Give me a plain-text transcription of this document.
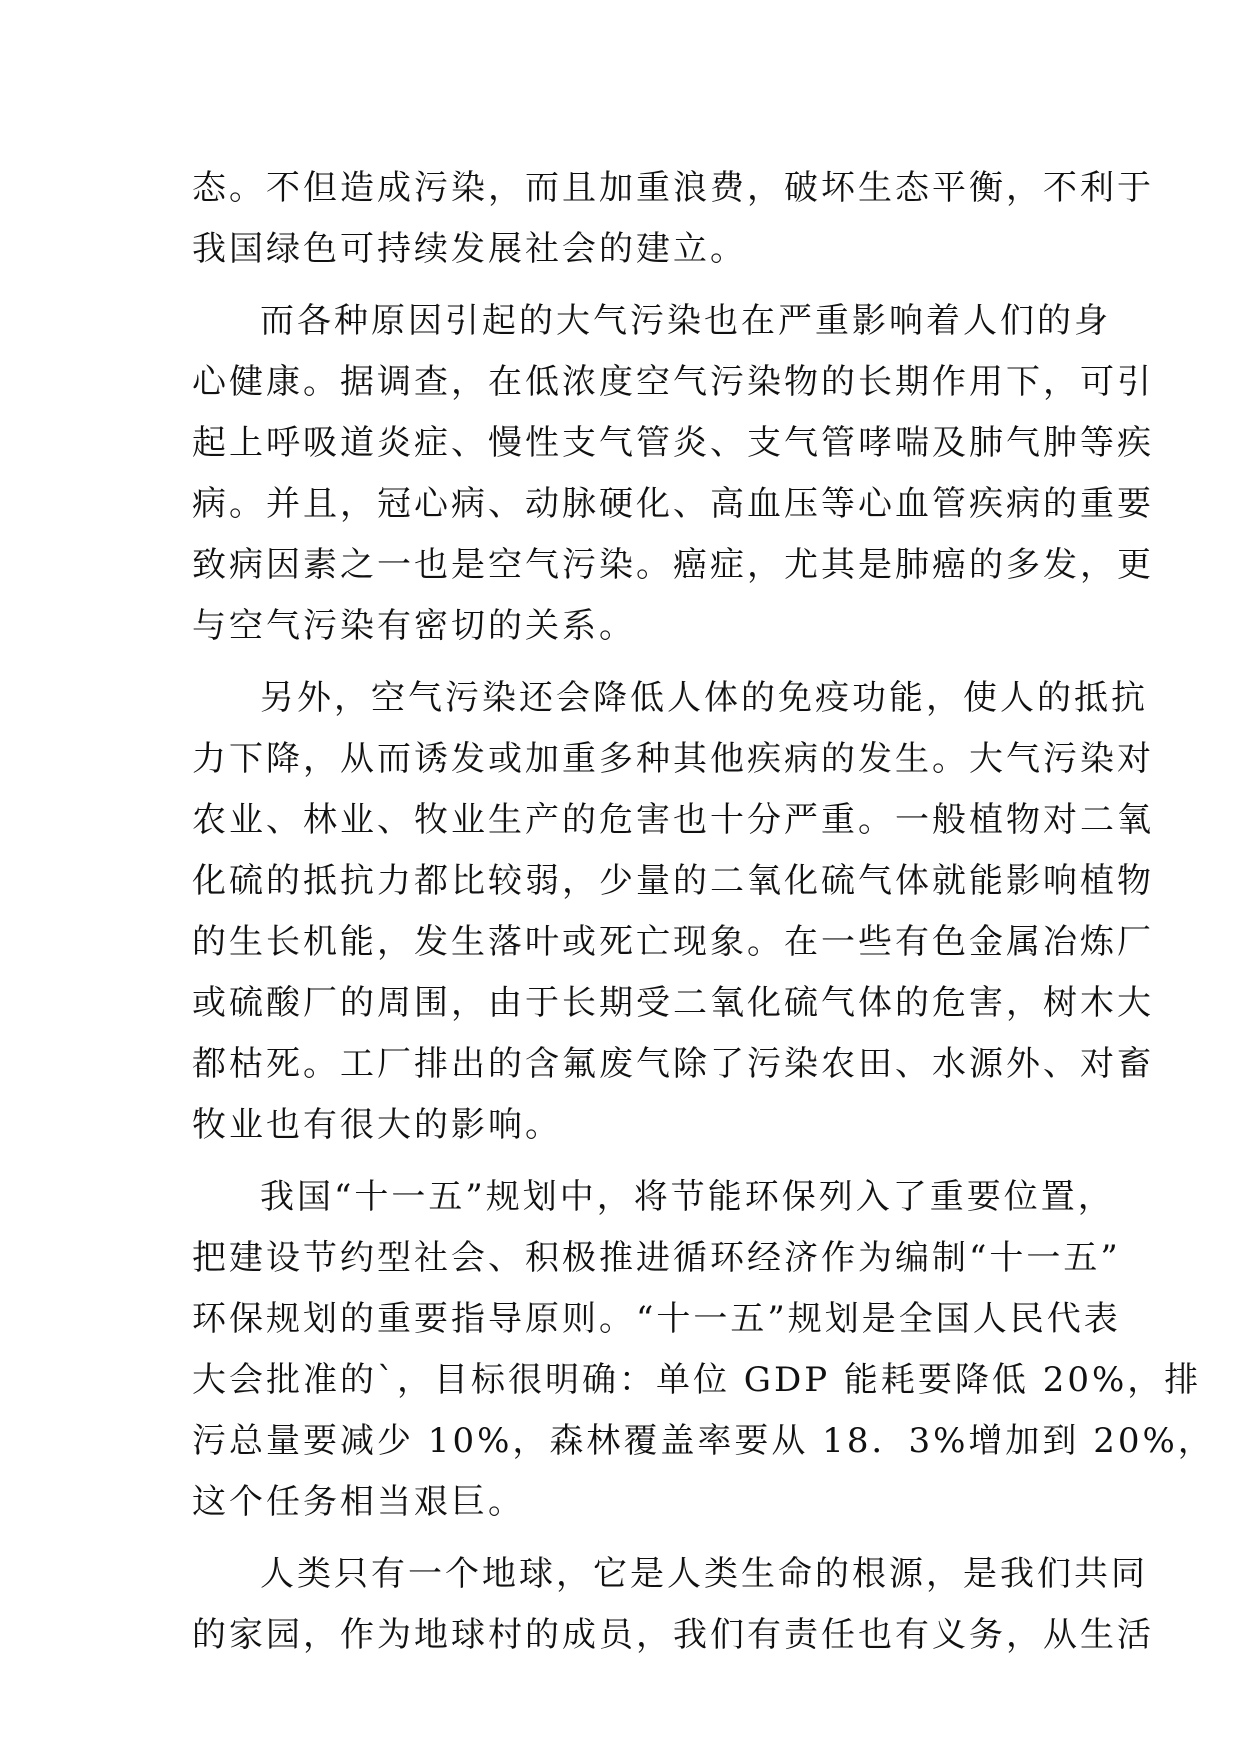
态。不但造成污染，而且加重浪费，破坏生态平衡，不利于
我国绿色可持续发展社会的建立。
而各种原因引起的大气污染也在严重影响着人们的身
心健康。据调查，在低浓度空气污染物的长期作用下，可引
起上呼吸道炎症、慢性支气管炎、支气管哮喘及肺气肿等疾
病。并且，冠心病、动脉硬化、高血压等心血管疾病的重要
致病因素之一也是空气污染。癌症，尤其是肺癌的多发，更
与空气污染有密切的关系。
另外，空气污染还会降低人体的免疫功能，使人的抵抗
力下降，从而诱发或加重多种其他疾病的发生。大气污染对
农业、林业、牧业生产的危害也十分严重。一般植物对二氧
化硫的抵抗力都比较弱，少量的二氧化硫气体就能影响植物
的生长机能，发生落叶或死亡现象。在一些有色金属冶炼厂
或硫酸厂的周围，由于长期受二氧化硫气体的危害，树木大
都枯死。工厂排出的含氟废气除了污染农田、水源外、对畜
牧业也有很大的影响。
我国“十一五”规划中，将节能环保列入了重要位置，
把建设节约型社会、积极推进循环经济作为编制“十一五”
环保规划的重要指导原则。“十一五”规划是全国人民代表
大会批准的`，目标很明确：单位 GDP 能耗要降低 20%，排
污总量要减少 10%，森林覆盖率要从 18．3%增加到 20%，
这个任务相当艰巨。
人类只有一个地球，它是人类生命的根源，是我们共同
的家园，作为地球村的成员，我们有责任也有义务，从生活
